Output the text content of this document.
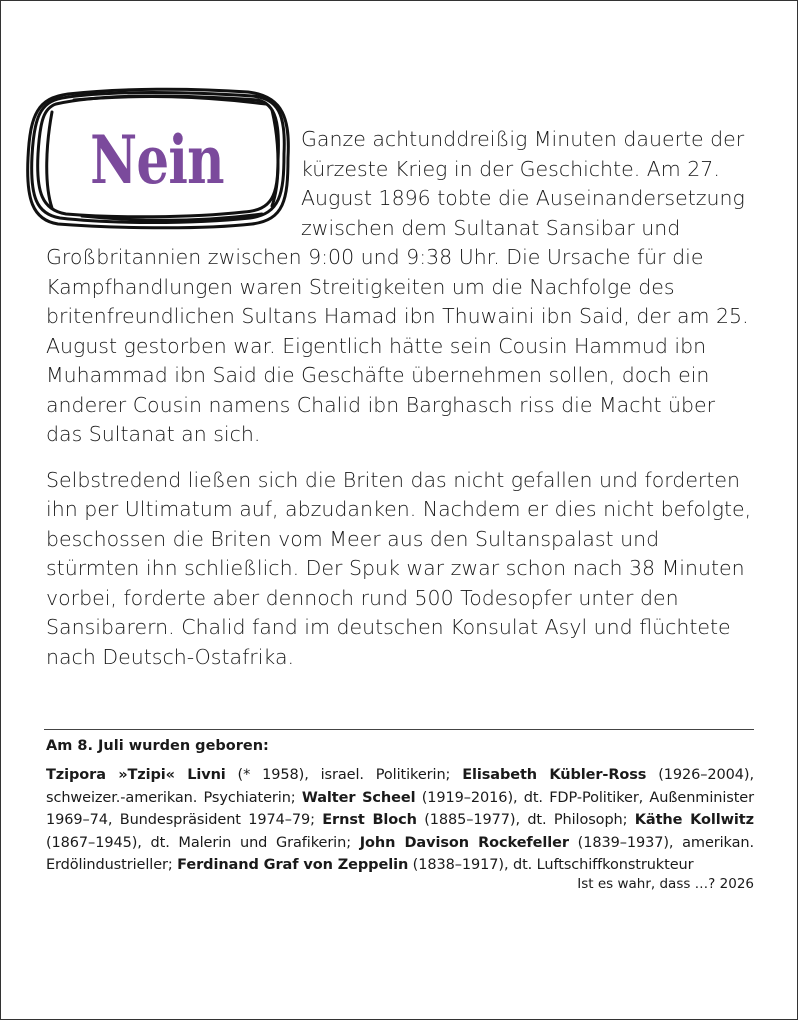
Nein	Ganze achtunddreißig Minuten dauerte der kürzeste Krieg in der Geschichte. Am 27. August 1896 tobte die Auseinandersetzung zwischen dem Sultanat Sansibar und Großbritannien zwischen 9:00 und 9:38 Uhr. Die Ursache für die Kampfhandlungen waren Streitigkeiten um die Nachfolge des britenfreundlichen Sultans Hamad ibn Thuwaini ibn Said, der am 25. August gestorben war. Eigentlich hätte sein Cousin Hammud ibn Muhammad ibn Said die Geschäfte übernehmen sollen, doch ein anderer Cousin namens Chalid ibn Barghasch riss die Macht über das Sultanat an sich.

Selbstredend ließen sich die Briten das nicht gefallen und forderten ihn per Ultimatum auf, abzudanken. Nachdem er dies nicht befolgte, beschossen die Briten vom Meer aus den Sultanspalast und stürmten ihn schließlich. Der Spuk war zwar schon nach 38 Minuten vorbei, forderte aber dennoch rund 500 Todesopfer unter den Sansibarern. Chalid fand im deutschen Konsulat Asyl und flüchtete nach Deutsch-Ostafrika.

Am 8. Juli wurden geboren:
Tzipora »Tzipi« Livni (* 1958), israel. Politikerin; Elisabeth Kübler-Ross (1926–2004), schweizer.-amerikan. Psychiaterin; Walter Scheel (1919–2016), dt. FDP-Politiker, Außenminister 1969–74, Bundespräsident 1974–79; Ernst Bloch (1885–1977), dt. Philosoph; Käthe Kollwitz (1867–1945), dt. Malerin und Grafikerin; John Davison Rockefeller (1839–1937), amerikan. Erdölindustrieller; Ferdinand Graf von Zeppelin (1838–1917), dt. Luftschiffkonstrukteur
Ist es wahr, dass …? 2026
